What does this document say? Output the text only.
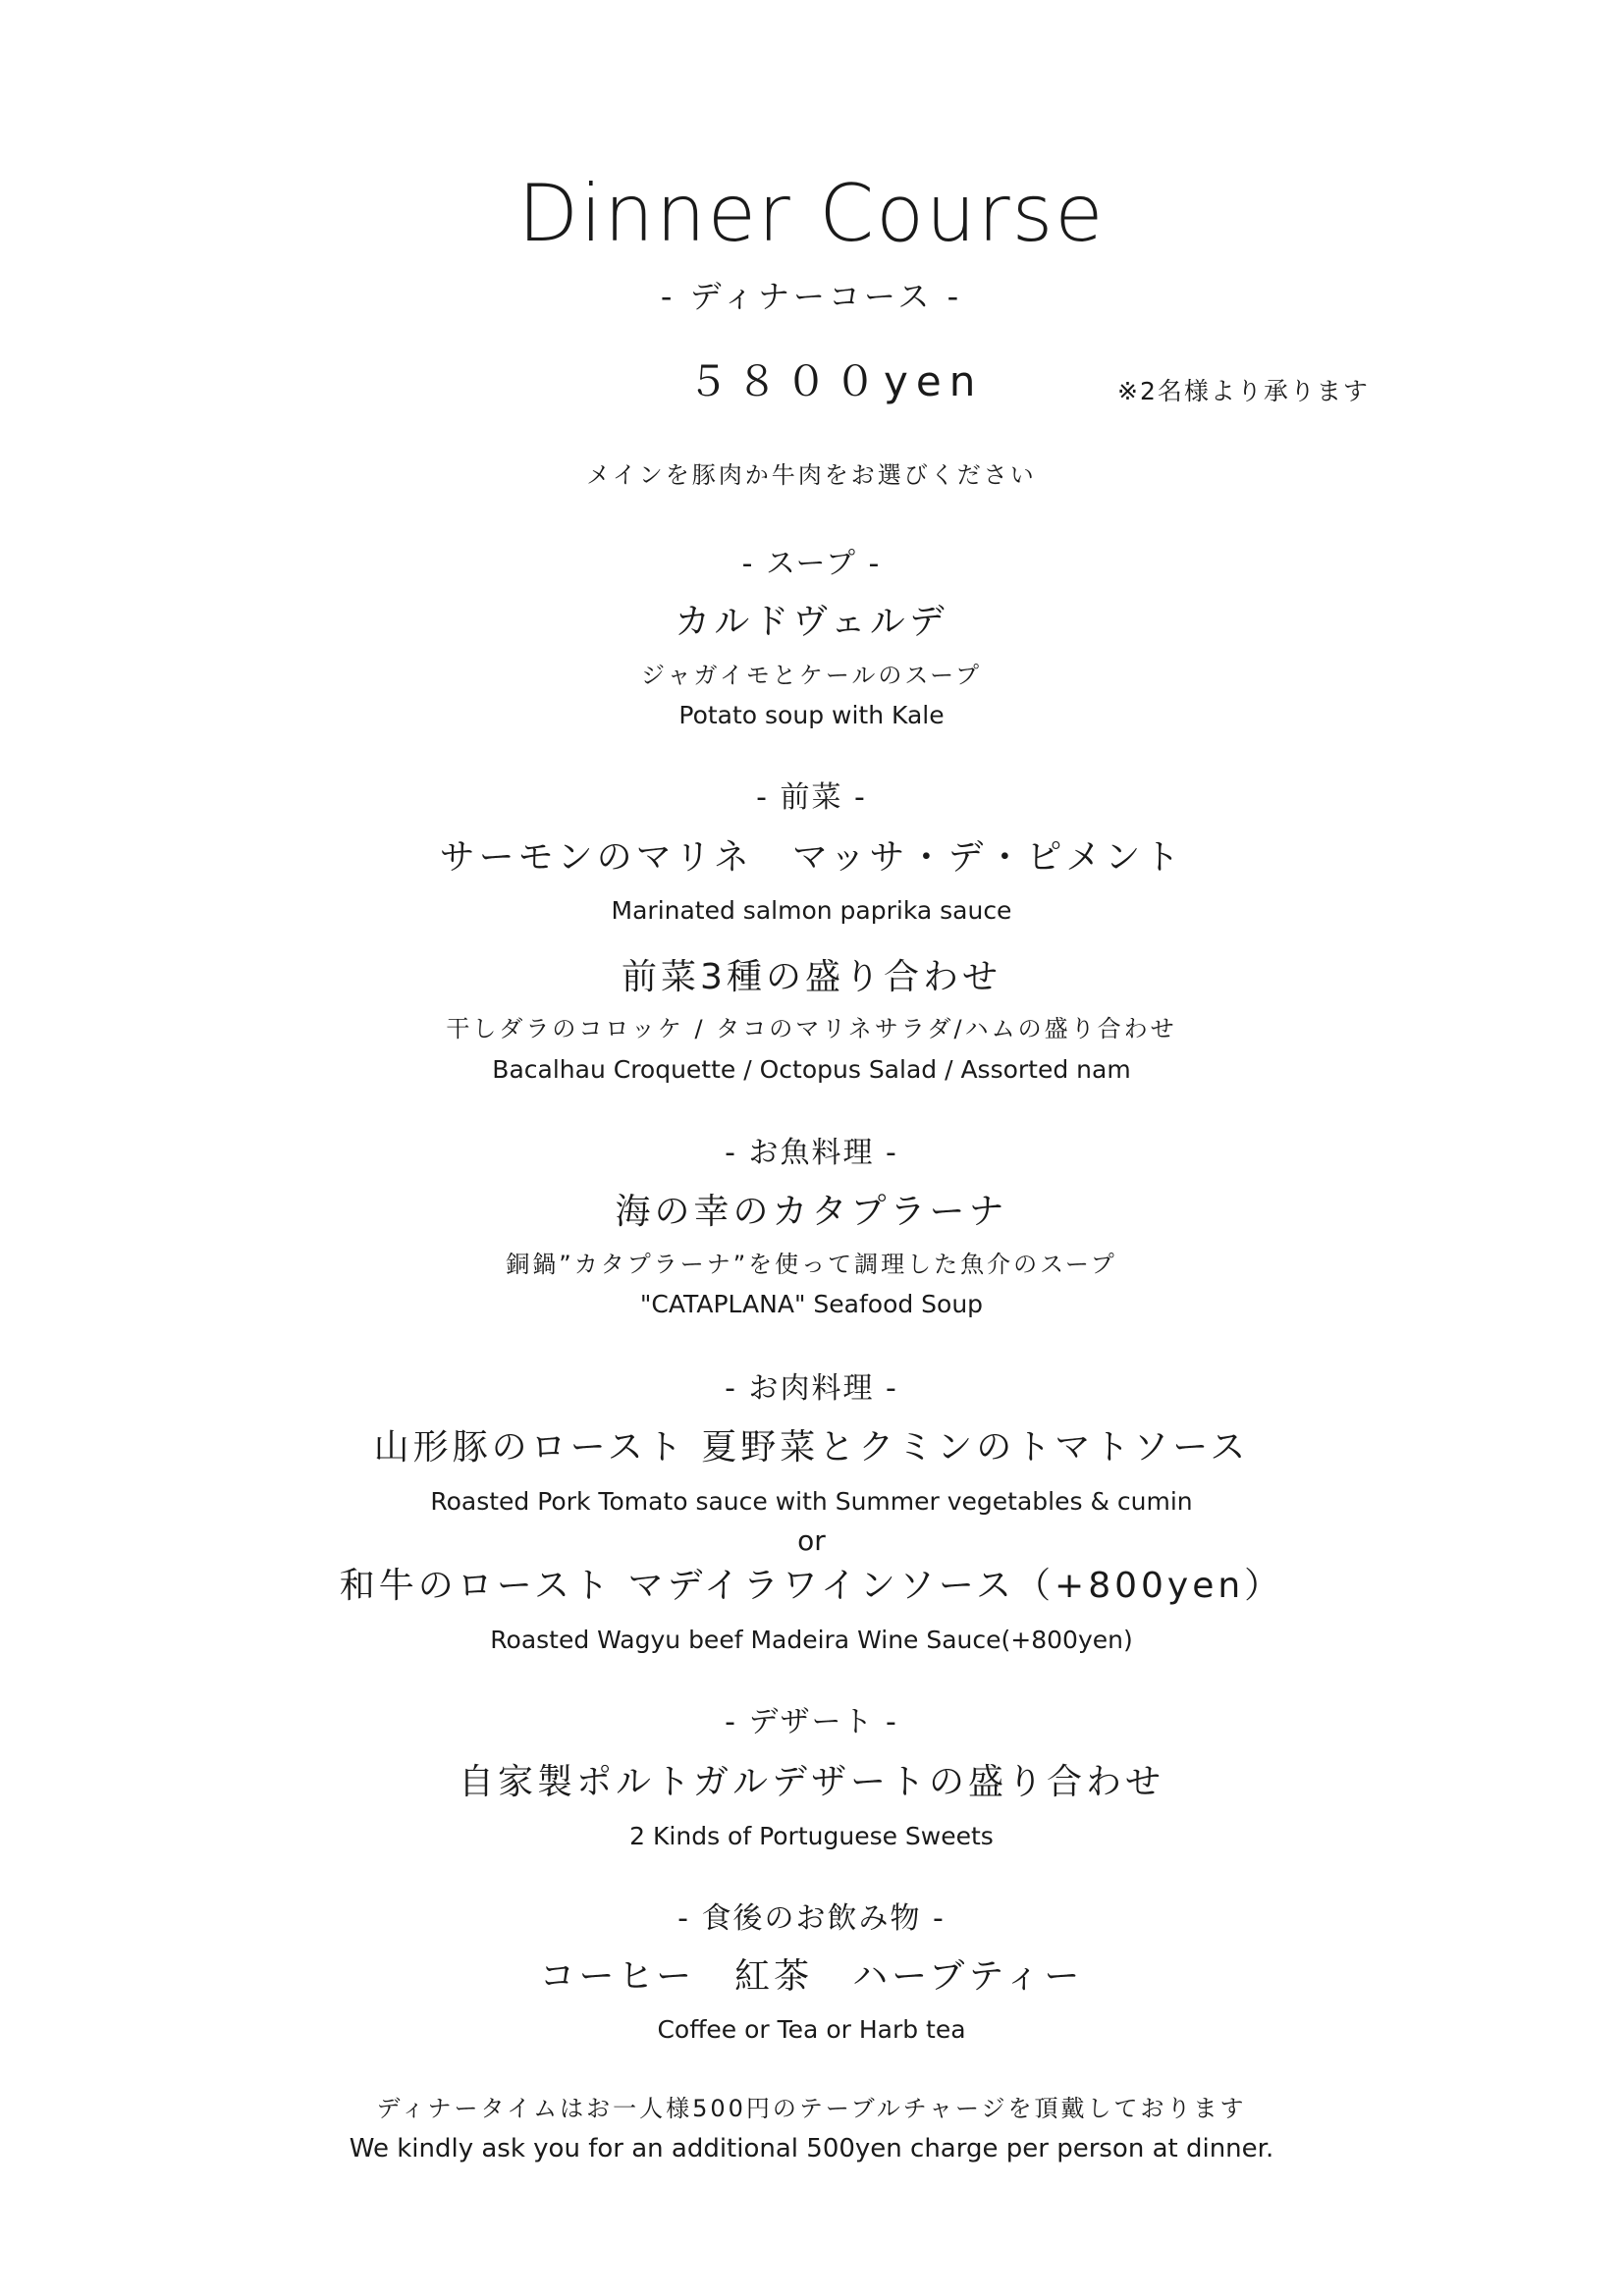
Dinner Course
- ディナーコース -
５８００yen	※2名様より承ります
メインを豚肉か牛肉をお選びください
- スープ -
カルドヴェルデ
ジャガイモとケールのスープ
Potato soup with Kale
- 前菜 -
サーモンのマリネ　マッサ・デ・ピメント
Marinated salmon paprika sauce
前菜3種の盛り合わせ
干しダラのコロッケ / タコのマリネサラダ/ハムの盛り合わせ
Bacalhau Croquette / Octopus Salad / Assorted nam
- お魚料理 -
海の幸のカタプラーナ
銅鍋”カタプラーナ”を使って調理した魚介のスープ
"CATAPLANA" Seafood Soup
- お肉料理 -
山形豚のロースト 夏野菜とクミンのトマトソース
Roasted Pork Tomato sauce with Summer vegetables & cumin
or
和牛のロースト マデイラワインソース（+800yen）
Roasted Wagyu beef Madeira Wine Sauce(+800yen)
- デザート -
自家製ポルトガルデザートの盛り合わせ
2 Kinds of Portuguese Sweets
- 食後のお飲み物 -
コーヒー　紅茶　ハーブティー
Coffee or Tea or Harb tea
ディナータイムはお一人様500円のテーブルチャージを頂戴しております
We kindly ask you for an additional 500yen charge per person at dinner.
